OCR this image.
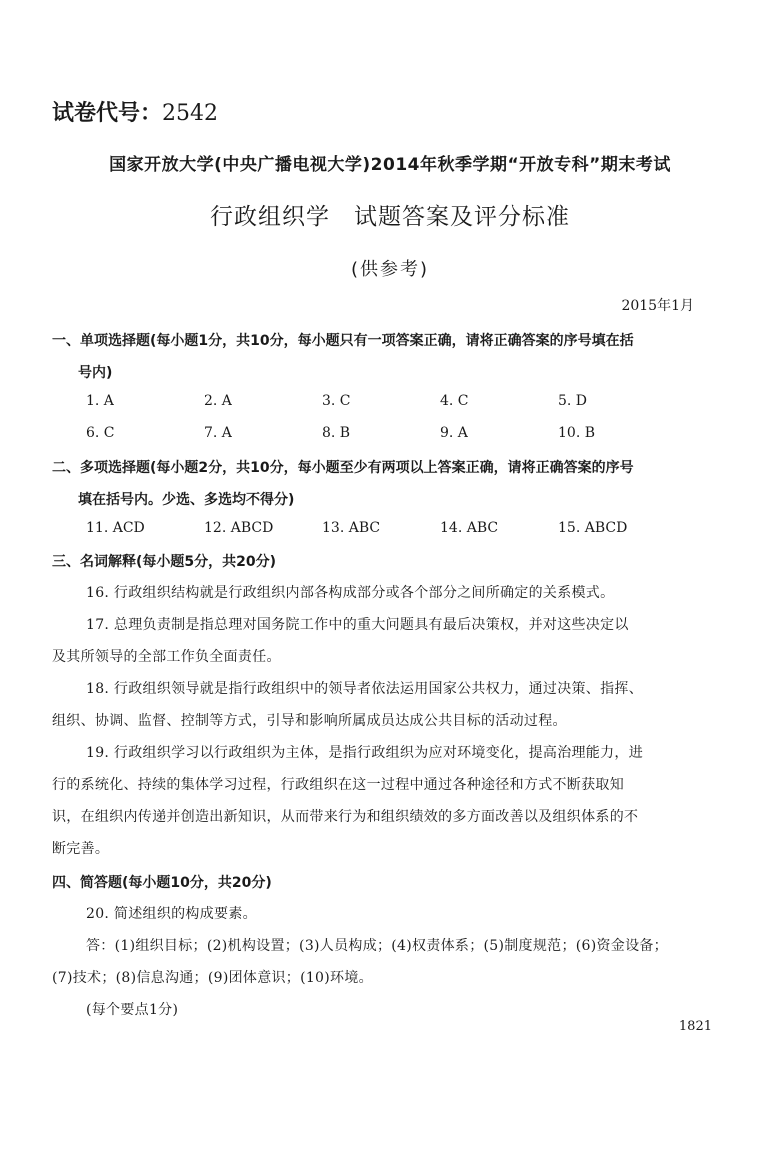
试卷代号：2542
国家开放大学(中央广播电视大学)2014年秋季学期“开放专科”期末考试
行政组织学　试题答案及评分标准
(供参考)
2015年1月
一、单项选择题(每小题1分，共10分，每小题只有一项答案正确，请将正确答案的序号填在括
号内)
1. A	2. A	3. C	4. C	5. D
6. C	7. A	8. B	9. A	10. B
二、多项选择题(每小题2分，共10分，每小题至少有两项以上答案正确，请将正确答案的序号
填在括号内。少选、多选均不得分)
11. ACD	12. ABCD	13. ABC	14. ABC	15. ABCD
三、名词解释(每小题5分，共20分)
16. 行政组织结构就是行政组织内部各构成部分或各个部分之间所确定的关系模式。
17. 总理负责制是指总理对国务院工作中的重大问题具有最后决策权，并对这些决定以
及其所领导的全部工作负全面责任。
18. 行政组织领导就是指行政组织中的领导者依法运用国家公共权力，通过决策、指挥、
组织、协调、监督、控制等方式，引导和影响所属成员达成公共目标的活动过程。
19. 行政组织学习以行政组织为主体，是指行政组织为应对环境变化，提高治理能力，进
行的系统化、持续的集体学习过程，行政组织在这一过程中通过各种途径和方式不断获取知
识，在组织内传递并创造出新知识，从而带来行为和组织绩效的多方面改善以及组织体系的不
断完善。
四、简答题(每小题10分，共20分)
20. 简述组织的构成要素。
答：(1)组织目标；(2)机构设置；(3)人员构成；(4)权责体系；(5)制度规范；(6)资金设备；
(7)技术；(8)信息沟通；(9)团体意识；(10)环境。
(每个要点1分)
1821
